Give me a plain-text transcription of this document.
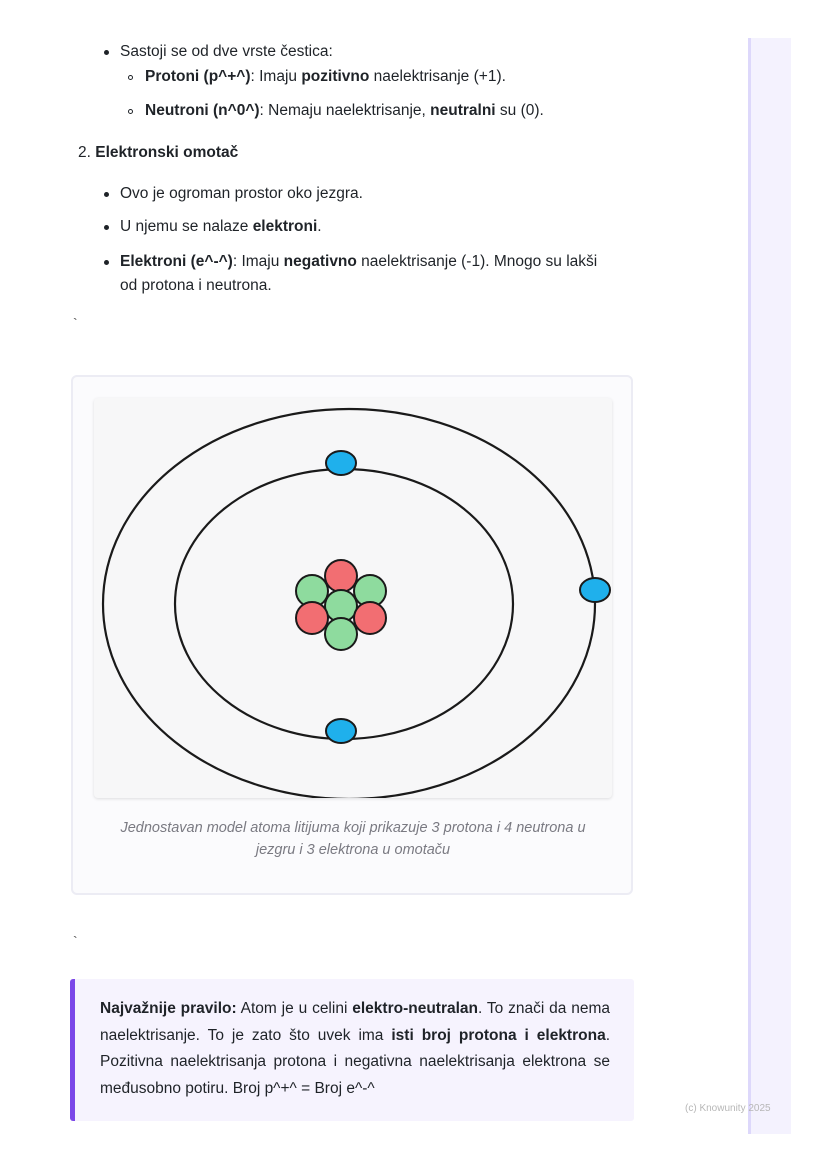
(c) Knowunity 2025
Sastoji se od dve vrste čestica:
Protoni (p^+^): Imaju pozitivno naelektrisanje (+1).
Neutroni (n^0^): Nemaju naelektrisanje, neutralni su (0).
2. Elektronski omotač
Ovo je ogroman prostor oko jezgra.
U njemu se nalaze elektroni.
Elektroni (e^-^): Imaju negativno naelektrisanje (-1). Mnogo su lakši
od protona i neutrona.
`
Jednostavan model atoma litijuma koji prikazuje 3 protona i 4 neutrona u
jezgru i 3 elektrona u omotaču
`
Najvažnije pravilo: Atom je u celini elektro-neutralan. To znači da nema naelektrisanje. To je zato što uvek ima isti broj protona i elektrona. Pozitivna naelektrisanja protona i negativna naelektrisanja elektrona se međusobno potiru. Broj p^+^ = Broj e^-^
